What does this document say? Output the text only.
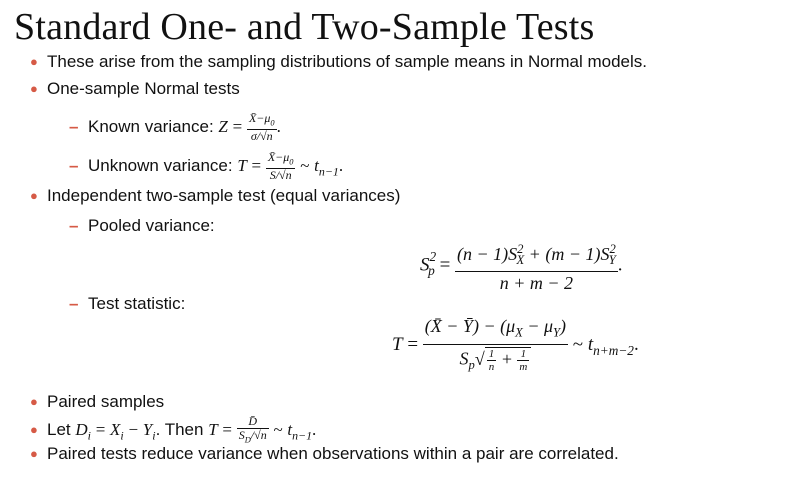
Standard One- and Two-Sample Tests
● These arise from the sampling distributions of sample means in Normal models.
● One-sample Normal tests
– Known variance: $Z = \frac{X̄-\mu_0}{\sigma/√n}$ .
– Unknown variance: $T = \frac{X̄-\mu_0}{S/√n}$ ~ $t_{n-1}$.
● Independent two-sample test (equal variances)
– Pooled variance:
$S^2_p = \frac{(n - 1)S^2_X + (m - 1)S^2_Y}{n + m - 2}$ .
– Test statistic:
$T = \frac{(X̄ - Ȳ) - (\mu_X - \mu_Y)}{S_p√ \frac{1}{n} + \frac{1}{m}}$ ~ $t_{n+m-2}$.
● Paired samples
● Let $D_i = X_i - Y_i$. Then $T = \frac{D̄}{S_D/√n}$ ~ $t_{n-1}$.
● Paired tests reduce variance when observations within a pair are correlated.
